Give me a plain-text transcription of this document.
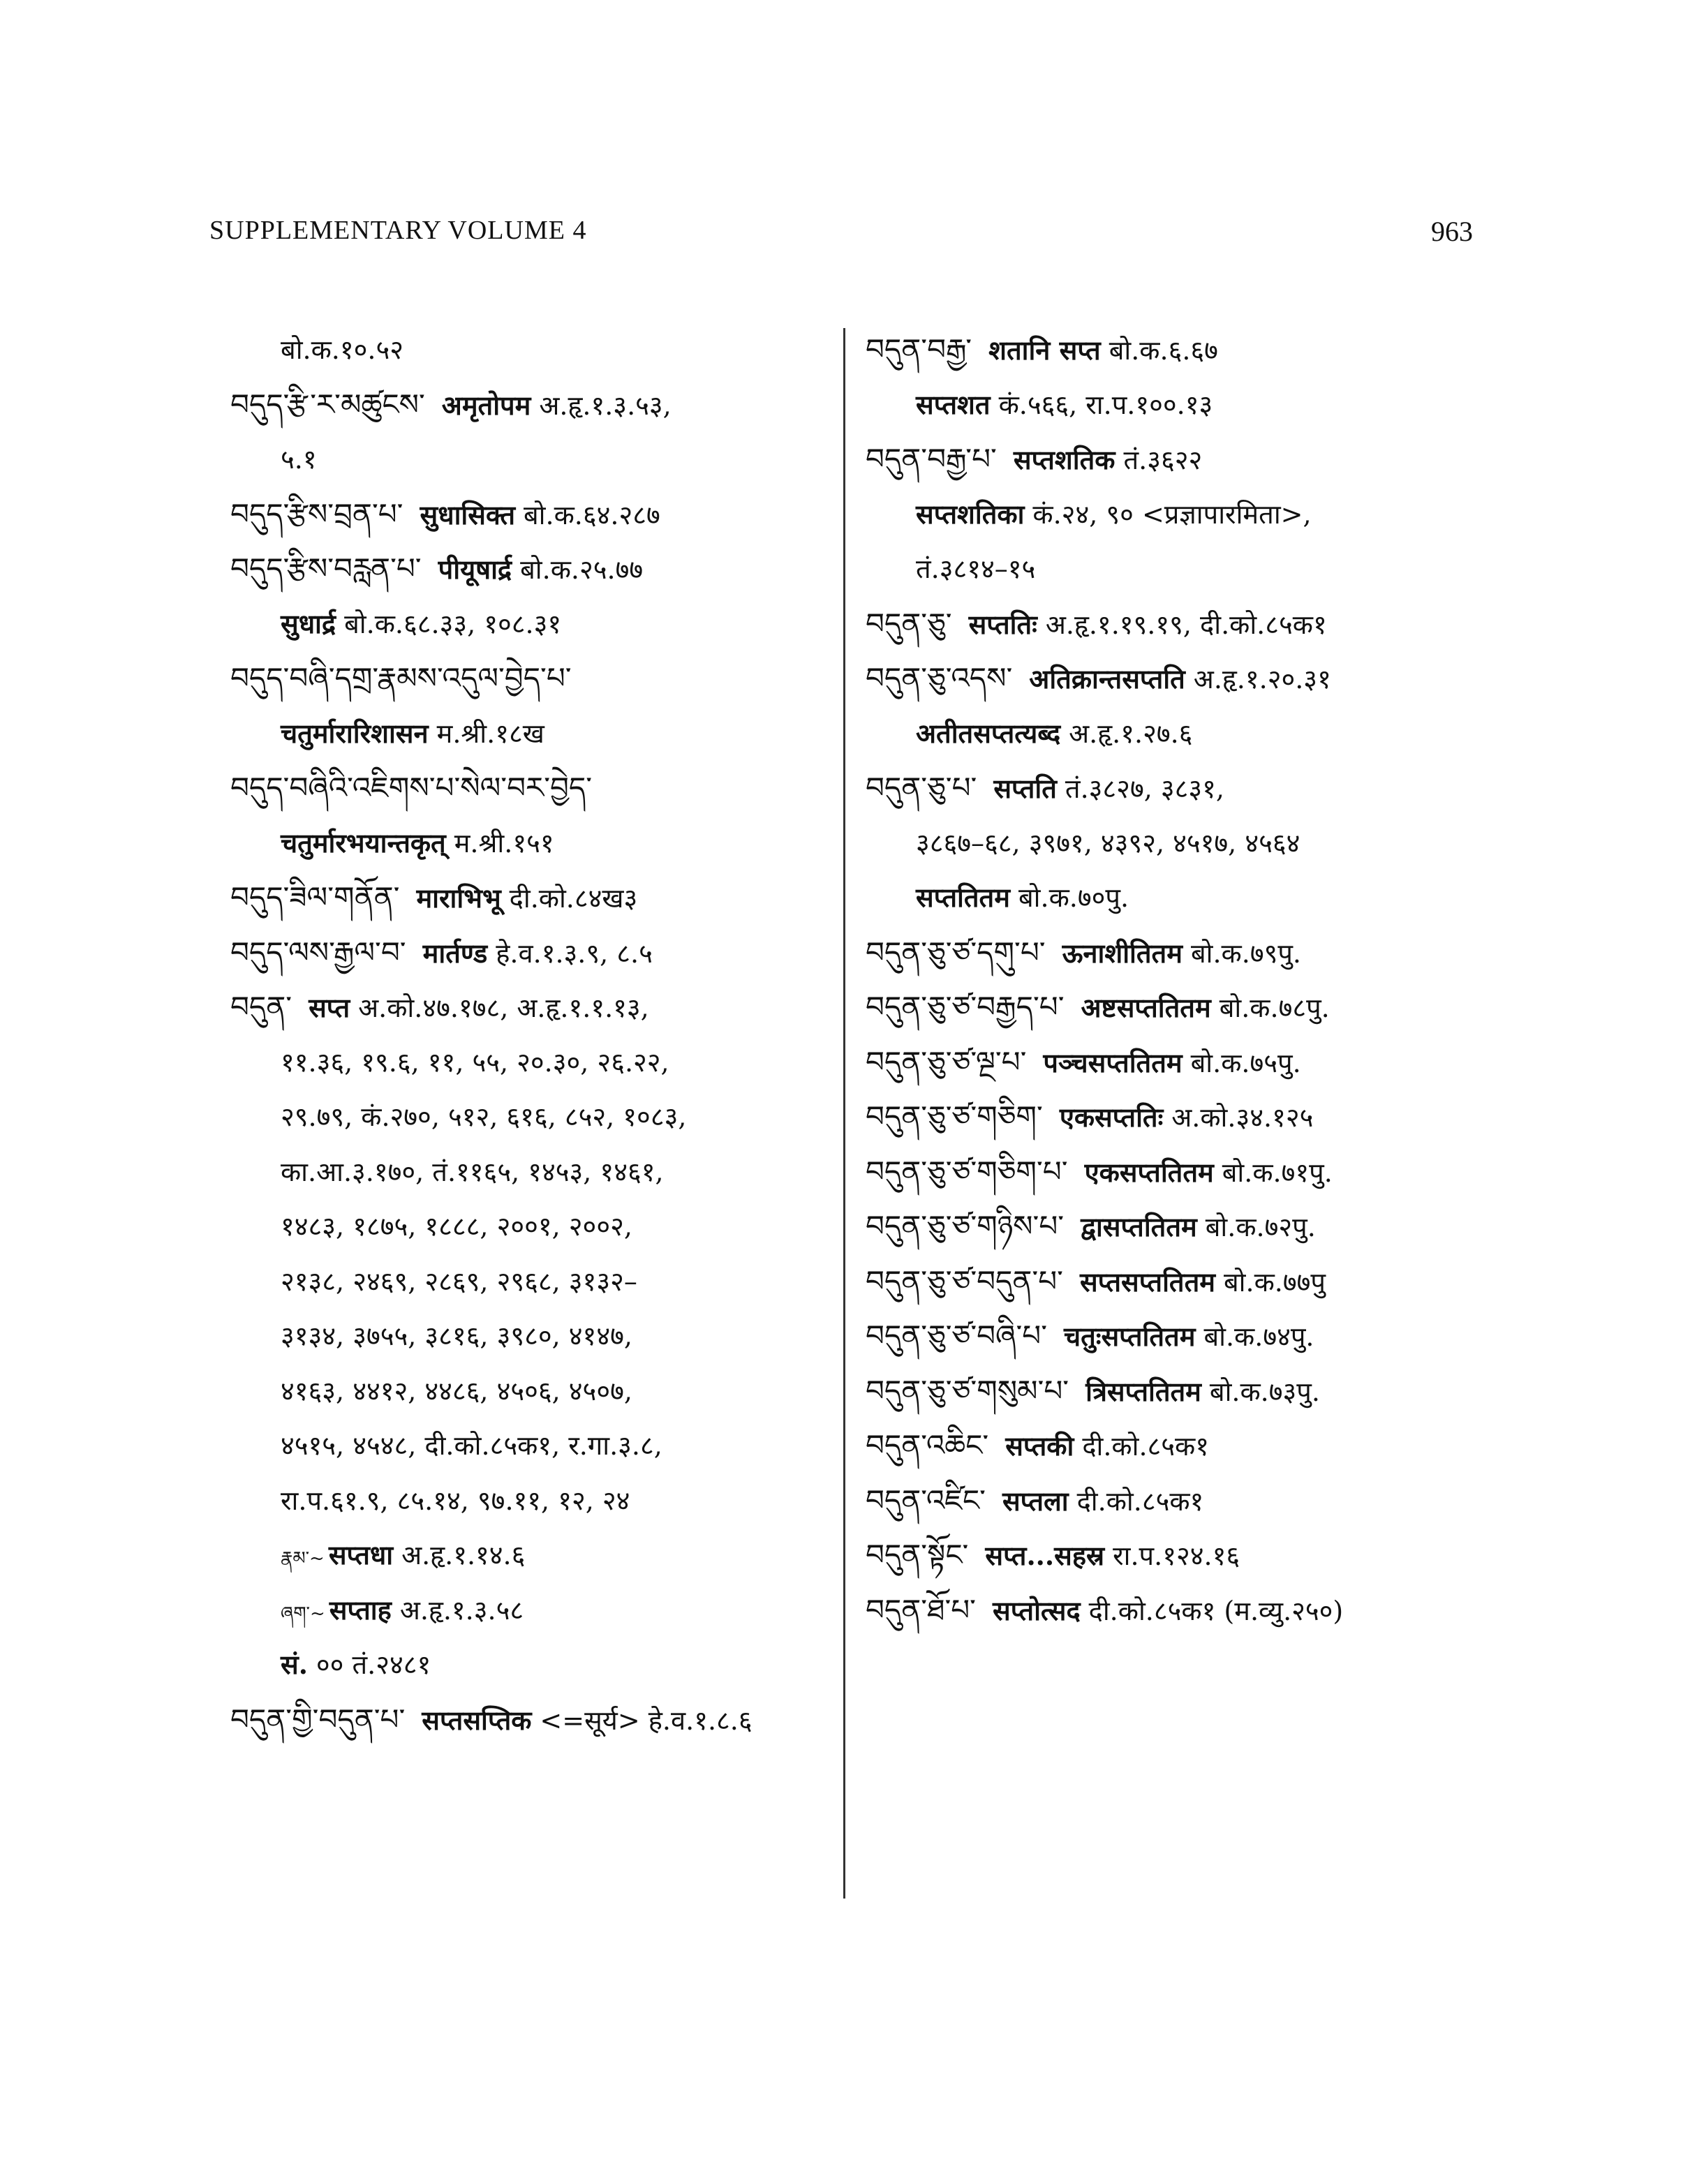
SUPPLEMENTARY VOLUME 4	963
बो.क.१०.५२
བདུད་རྩི་ར་མཚུངས་ अमृतोपम अ.हृ.१.३.५३,
५.१
བདུད་རྩིས་བྲན་པ་ सुधासिक्त बो.क.६४.२८७
བདུད་རྩིས་བརླན་པ་ पीयूषार्द्र बो.क.२५.७७
सुधार्द्र बो.क.६८.३३, १०८.३१
བདུད་བཞི་དགྲ་རྣམས་འདུལ་བྱེད་པ་
चतुर्मारारिशासन म.श्री.१८ख
བདུད་བཞིའི་འཇིགས་པ་སེལ་བར་བྱེད་
चतुर्मारभयान्तकृत् म.श्री.१५१
བདུད་ཟིལ་གནོན་ माराभिभू दी.को.८४ख३
བདུད་ལས་རྒྱལ་བ་ मार्तण्ड हे.व.१.३.९, ८.५
བདུན་ सप्त अ.को.४७.१७८, अ.हृ.१.१.१३,
११.३६, १९.६, ११, ५५, २०.३०, २६.२२,
२९.७९, कं.२७०, ५१२, ६१६, ८५२, १०८३,
का.आ.३.१७०, तं.११६५, १४५३, १४६१,
१४८३, १८७५, १८८८, २००१, २००२,
२१३८, २४६९, २८६९, २९६८, ३१३२–
३१३४, ३७५५, ३८१६, ३९८०, ४१४७,
४१६३, ४४१२, ४४८६, ४५०६, ४५०७,
४५१५, ४५४८, दी.को.८५क१, र.गा.३.८,
रा.प.६१.९, ८५.१४, ९७.११, १२, २४
རྣམ་~ सप्तधा अ.हृ.१.१४.६
ཞག་~ सप्ताह अ.हृ.१.३.५८
सं. ०० तं.२४८१
བདུན་གྱི་བདུན་པ་ सप्तसप्तिक <=सूर्य> हे.व.१.८.६
བདུན་བརྒྱ་ शतानि सप्त बो.क.६.६७
सप्तशत कं.५६६, रा.प.१००.१३
བདུན་བརྒྱ་པ་ सप्तशतिक तं.३६२२
सप्तशतिका कं.२४, ९० <प्रज्ञापारमिता>,
तं.३८१४–१५
བདུན་ཅུ་ सप्ततिः अ.हृ.१.१९.१९, दी.को.८५क१
བདུན་ཅུ་འདས་ अतिक्रान्तसप्तति अ.हृ.१.२०.३१
अतीतसप्तत्यब्द अ.हृ.१.२७.६
བདུན་ཅུ་པ་ सप्तति तं.३८२७, ३८३१,
३८६७–६८, ३९७१, ४३९२, ४५१७, ४५६४
सप्ततितम बो.क.७०पु.
བདུན་ཅུ་ཙ་དགུ་པ་ ऊनाशीतितम बो.क.७९पु.
བདུན་ཅུ་ཙ་བརྒྱད་པ་ अष्टसप्ततितम बो.क.७८पु.
བདུན་ཅུ་ཙ་ལྔ་པ་ पञ्चसप्ततितम बो.क.७५पु.
བདུན་ཅུ་ཙ་གཅིག་ एकसप्ततिः अ.को.३४.१२५
བདུན་ཅུ་ཙ་གཅིག་པ་ एकसप्ततितम बो.क.७१पु.
བདུན་ཅུ་ཙ་གཉིས་པ་ द्वासप्ततितम बो.क.७२पु.
བདུན་ཅུ་ཙ་བདུན་པ་ सप्तसप्ततितम बो.क.७७पु
བདུན་ཅུ་ཙ་བཞི་པ་ चतुःसप्ततितम बो.क.७४पु.
བདུན་ཅུ་ཙ་གསུམ་པ་ त्रिसप्ततितम बो.क.७३पु.
བདུན་འཆིང་ सप्तकी दी.को.८५क१
བདུན་འཛིང་ सप्तला दी.को.८५क१
བདུན་སྟོང་ सप्त...सहस्र रा.प.१२४.१६
བདུན་ཐོ་པ་ सप्तोत्सद दी.को.८५क१ (म.व्यु.२५०)
